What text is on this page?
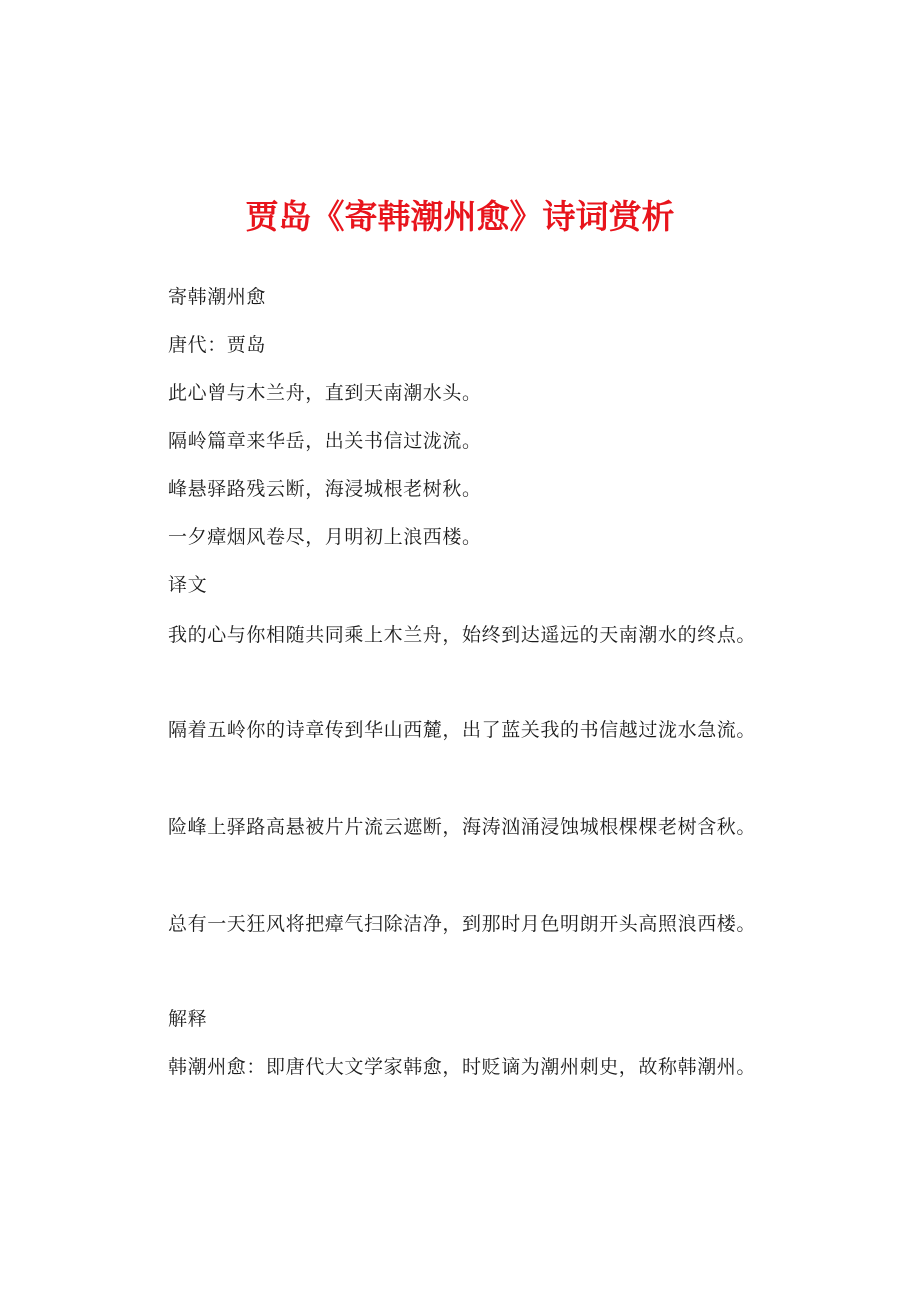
贾岛《寄韩潮州愈》诗词赏析
寄韩潮州愈
唐代：贾岛
此心曾与木兰舟，直到天南潮水头。
隔岭篇章来华岳，出关书信过泷流。
峰悬驿路残云断，海浸城根老树秋。
一夕瘴烟风卷尽，月明初上浪西楼。
译文
我的心与你相随共同乘上木兰舟，始终到达遥远的天南潮水的终点。
隔着五岭你的诗章传到华山西麓，出了蓝关我的书信越过泷水急流。
险峰上驿路高悬被片片流云遮断，海涛汹涌浸蚀城根棵棵老树含秋。
总有一天狂风将把瘴气扫除洁净，到那时月色明朗开头高照浪西楼。
解释
韩潮州愈：即唐代大文学家韩愈，时贬谪为潮州刺史，故称韩潮州。
